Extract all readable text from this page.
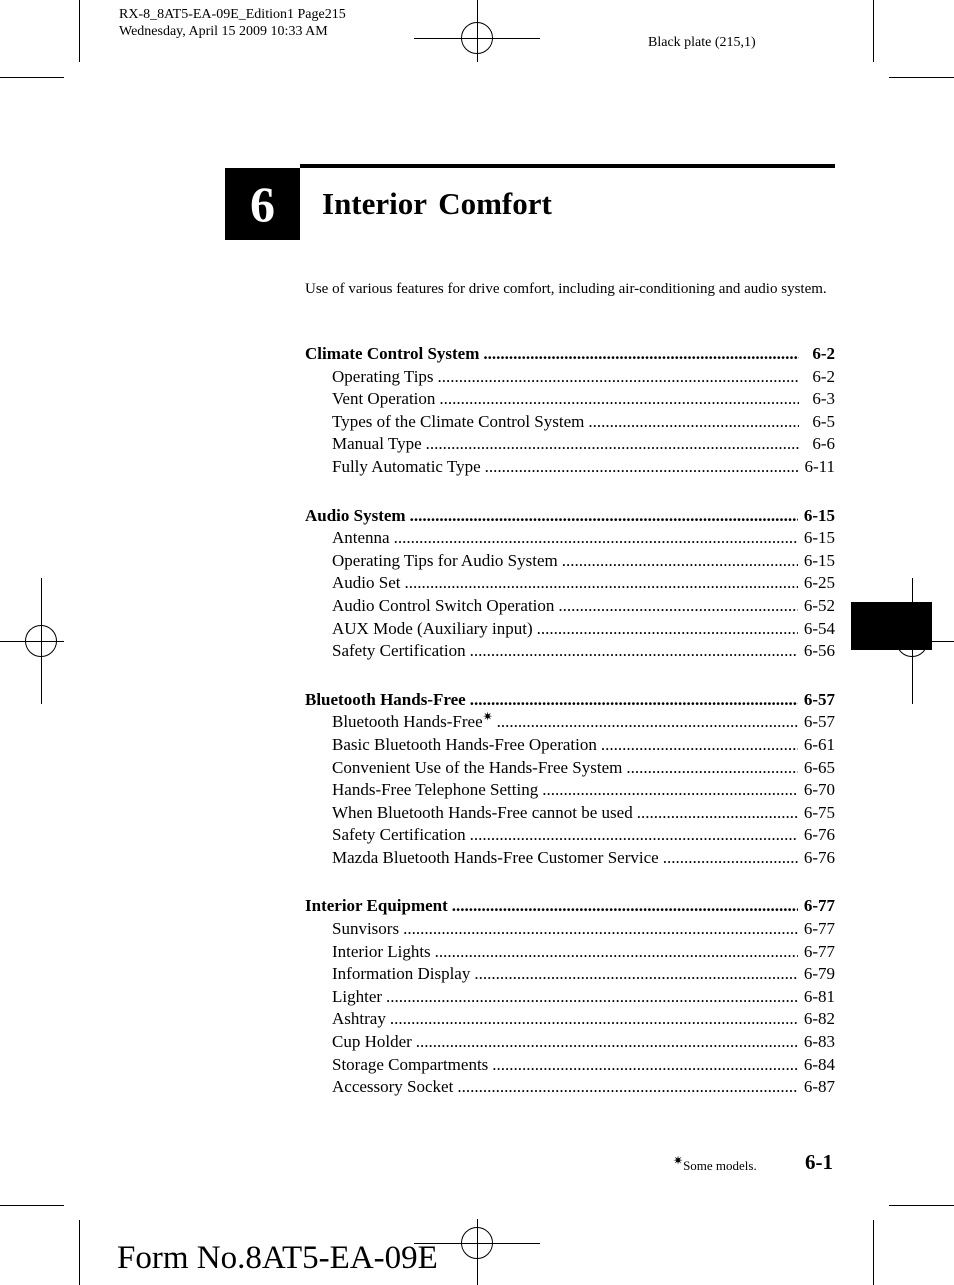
RX-8_8AT5-EA-09E_Edition1 Page215
Wednesday, April 15 2009 10:33 AM
Black plate (215,1)
6	Interior Comfort
Use of various features for drive comfort, including air-conditioning and audio system.
Climate Control System .....	6-2
Operating Tips .....	6-2
Vent Operation .....	6-3
Types of the Climate Control System .....	6-5
Manual Type .....	6-6
Fully Automatic Type .....	6-11
Audio System .....	6-15
Antenna .....	6-15
Operating Tips for Audio System .....	6-15
Audio Set .....	6-25
Audio Control Switch Operation .....	6-52
AUX Mode (Auxiliary input) .....	6-54
Safety Certification .....	6-56
Bluetooth Hands-Free .....	6-57
Bluetooth Hands-Free✷ .....	6-57
Basic Bluetooth Hands-Free Operation .....	6-61
Convenient Use of the Hands-Free System .....	6-65
Hands-Free Telephone Setting .....	6-70
When Bluetooth Hands-Free cannot be used .....	6-75
Safety Certification .....	6-76
Mazda Bluetooth Hands-Free Customer Service .....	6-76
Interior Equipment .....	6-77
Sunvisors .....	6-77
Interior Lights .....	6-77
Information Display .....	6-79
Lighter .....	6-81
Ashtray .....	6-82
Cup Holder .....	6-83
Storage Compartments .....	6-84
Accessory Socket .....	6-87
✷Some models. 6-1
Form No.8AT5-EA-09E
